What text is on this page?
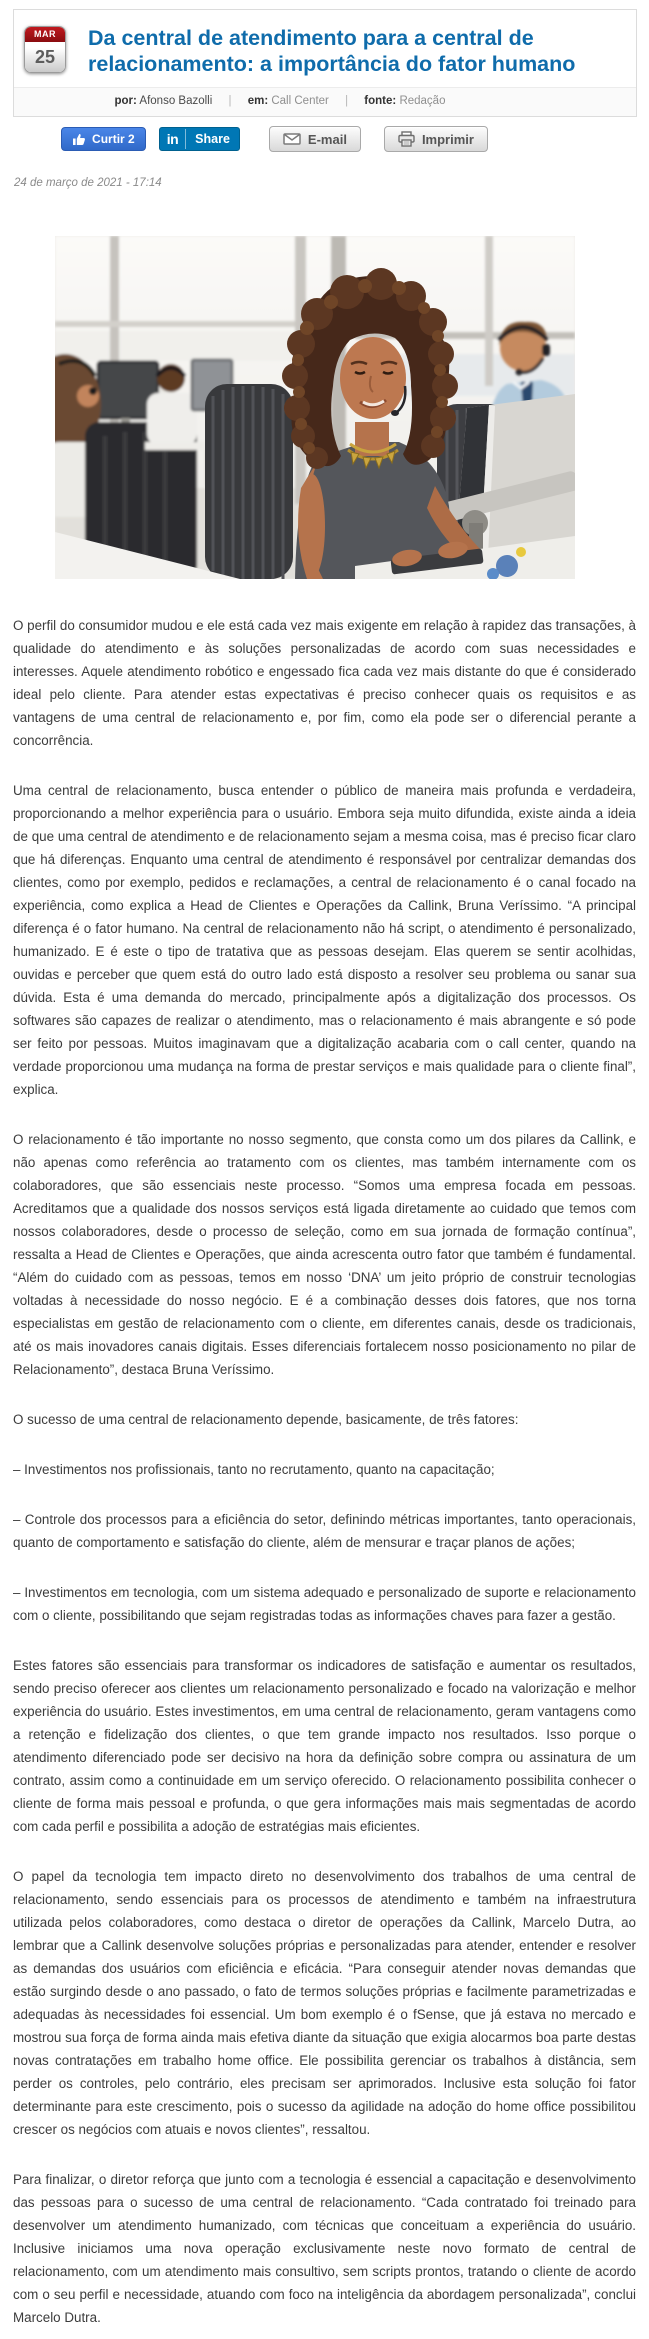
MAR
25
Da central de atendimento para a central de relacionamento: a importância do fator humano
por: Afonso Bazolli | em: Call Center | fonte: Redação
Curtir 2	in	Share	E-mail	Imprimir
24 de março de 2021 - 17:14

O perfil do consumidor mudou e ele está cada vez mais exigente em relação à rapidez das transações, à qualidade do atendimento e às soluções personalizadas de acordo com suas necessidades e interesses. Aquele atendimento robótico e engessado fica cada vez mais distante do que é considerado ideal pelo cliente. Para atender estas expectativas é preciso conhecer quais os requisitos e as vantagens de uma central de relacionamento e, por fim, como ela pode ser o diferencial perante a concorrência.

Uma central de relacionamento, busca entender o público de maneira mais profunda e verdadeira, proporcionando a melhor experiência para o usuário. Embora seja muito difundida, existe ainda a ideia de que uma central de atendimento e de relacionamento sejam a mesma coisa, mas é preciso ficar claro que há diferenças. Enquanto uma central de atendimento é responsável por centralizar demandas dos clientes, como por exemplo, pedidos e reclamações, a central de relacionamento é o canal focado na experiência, como explica a Head de Clientes e Operações da Callink, Bruna Veríssimo. “A principal diferença é o fator humano. Na central de relacionamento não há script, o atendimento é personalizado, humanizado. E é este o tipo de tratativa que as pessoas desejam. Elas querem se sentir acolhidas, ouvidas e perceber que quem está do outro lado está disposto a resolver seu problema ou sanar sua dúvida. Esta é uma demanda do mercado, principalmente após a digitalização dos processos. Os softwares são capazes de realizar o atendimento, mas o relacionamento é mais abrangente e só pode ser feito por pessoas. Muitos imaginavam que a digitalização acabaria com o call center, quando na verdade proporcionou uma mudança na forma de prestar serviços e mais qualidade para o cliente final”, explica.

O relacionamento é tão importante no nosso segmento, que consta como um dos pilares da Callink, e não apenas como referência ao tratamento com os clientes, mas também internamente com os colaboradores, que são essenciais neste processo. “Somos uma empresa focada em pessoas. Acreditamos que a qualidade dos nossos serviços está ligada diretamente ao cuidado que temos com nossos colaboradores, desde o processo de seleção, como em sua jornada de formação contínua”, ressalta a Head de Clientes e Operações, que ainda acrescenta outro fator que também é fundamental. “Além do cuidado com as pessoas, temos em nosso ‘DNA’ um jeito próprio de construir tecnologias voltadas à necessidade do nosso negócio. E é a combinação desses dois fatores, que nos torna especialistas em gestão de relacionamento com o cliente, em diferentes canais, desde os tradicionais, até os mais inovadores canais digitais. Esses diferenciais fortalecem nosso posicionamento no pilar de Relacionamento”, destaca Bruna Veríssimo.

O sucesso de uma central de relacionamento depende, basicamente, de três fatores:

– Investimentos nos profissionais, tanto no recrutamento, quanto na capacitação;

– Controle dos processos para a eficiência do setor, definindo métricas importantes, tanto operacionais, quanto de comportamento e satisfação do cliente, além de mensurar e traçar planos de ações;

– Investimentos em tecnologia, com um sistema adequado e personalizado de suporte e relacionamento com o cliente, possibilitando que sejam registradas todas as informações chaves para fazer a gestão.

Estes fatores são essenciais para transformar os indicadores de satisfação e aumentar os resultados, sendo preciso oferecer aos clientes um relacionamento personalizado e focado na valorização e melhor experiência do usuário. Estes investimentos, em uma central de relacionamento, geram vantagens como a retenção e fidelização dos clientes, o que tem grande impacto nos resultados. Isso porque o atendimento diferenciado pode ser decisivo na hora da definição sobre compra ou assinatura de um contrato, assim como a continuidade em um serviço oferecido. O relacionamento possibilita conhecer o cliente de forma mais pessoal e profunda, o que gera informações mais mais segmentadas de acordo com cada perfil e possibilita a adoção de estratégias mais eficientes.

O papel da tecnologia tem impacto direto no desenvolvimento dos trabalhos de uma central de relacionamento, sendo essenciais para os processos de atendimento e também na infraestrutura utilizada pelos colaboradores, como destaca o diretor de operações da Callink, Marcelo Dutra, ao lembrar que a Callink desenvolve soluções próprias e personalizadas para atender, entender e resolver as demandas dos usuários com eficiência e eficácia. “Para conseguir atender novas demandas que estão surgindo desde o ano passado, o fato de termos soluções próprias e facilmente parametrizadas e adequadas às necessidades foi essencial. Um bom exemplo é o fSense, que já estava no mercado e mostrou sua força de forma ainda mais efetiva diante da situação que exigia alocarmos boa parte destas novas contratações em trabalho home office. Ele possibilita gerenciar os trabalhos à distância, sem perder os controles, pelo contrário, eles precisam ser aprimorados. Inclusive esta solução foi fator determinante para este crescimento, pois o sucesso da agilidade na adoção do home office possibilitou crescer os negócios com atuais e novos clientes”, ressaltou.

Para finalizar, o diretor reforça que junto com a tecnologia é essencial a capacitação e desenvolvimento das pessoas para o sucesso de uma central de relacionamento. “Cada contratado foi treinado para desenvolver um atendimento humanizado, com técnicas que conceituam a experiência do usuário. Inclusive iniciamos uma nova operação exclusivamente neste novo formato de central de relacionamento, com um atendimento mais consultivo, sem scripts prontos, tratando o cliente de acordo com o seu perfil e necessidade, atuando com foco na inteligência da abordagem personalizada”, conclui Marcelo Dutra.
